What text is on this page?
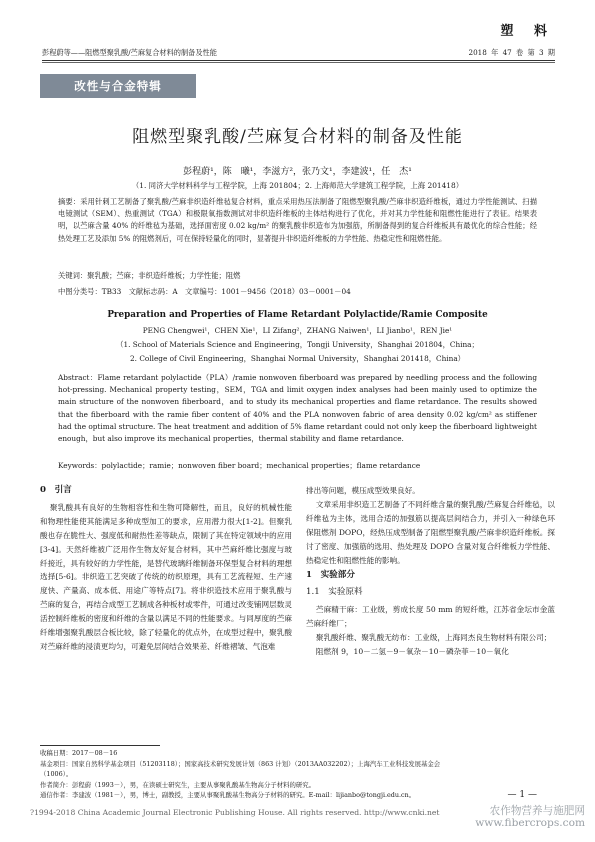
塑 料
彭程蔚等——阻燃型聚乳酸/苎麻复合材料的制备及性能	2018 年 47 卷 第 3 期
改性与合金特辑
阻燃型聚乳酸/苎麻复合材料的制备及性能
彭程蔚¹，陈　曦¹，李滋方²，张乃文¹，李建波¹，任　杰¹
（1. 同济大学材料科学与工程学院，上海 201804；2. 上海师范大学建筑工程学院，上海 201418）
摘要：采用针刺工艺制备了聚乳酸/苎麻非织造纤维毡复合材料，重点采用热压法制备了阻燃型聚乳酸/苎麻非织造纤维板，通过力学性能测试、扫描电镜测试（SEM）、热重测试（TGA）和极限氧指数测试对非织造纤维板的主体结构进行了优化，并对其力学性能和阻燃性能进行了表征。结果表明，以苎麻含量 40% 的纤维毡为基础，选择面密度 0.02 kg/m² 的聚乳酸非织造布为加强筋，所制备得到的复合纤维板具有最优化的综合性能；经热处理工艺及添加 5% 的阻燃剂后，可在保持轻量化的同时，显著提升非织造纤维板的力学性能、热稳定性和阻燃性能。
关键词：聚乳酸；苎麻；非织造纤维板；力学性能；阻燃
中图分类号：TB33　文献标志码：A　文章编号：1001－9456（2018）03－0001－04
Preparation and Properties of Flame Retardant Polylactide/Ramie Composite
PENG Chengwei¹，CHEN Xie¹，LI Zifang²，ZHANG Naiwen¹，LI Jianbo¹，REN Jie¹
（1. School of Materials Science and Engineering，Tongji University，Shanghai 201804，China；
2. College of Civil Engineering，Shanghai Normal University，Shanghai 201418，China）
Abstract：Flame retardant polylactide（PLA）/ramie nonwoven fiberboard was prepared by needling process and the following hot-pressing. Mechanical property testing，SEM，TGA and limit oxygen index analyses had been mainly used to optimize the main structure of the nonwoven fiberboard，and to study its mechanical properties and flame retardance. The results showed that the fiberboard with the ramie fiber content of 40% and the PLA nonwoven fabric of area density 0.02 kg/cm² as stiffener had the optimal structure. The heat treatment and addition of 5% flame retardant could not only keep the fiberboard lightweight enough，but also improve its mechanical properties，thermal stability and flame retardance.
Keywords：polylactide；ramie；nonwoven fiber board；mechanical properties；flame retardance
0　引言

聚乳酸具有良好的生物相容性和生物可降解性，而且，良好的机械性能和物理性能使其能满足多种成型加工的要求，应用潜力很大[1-2]。但聚乳酸也存在脆性大、强度低和耐热性差等缺点，限制了其在特定领域中的应用[3-4]。天然纤维被广泛用作生物友好复合材料，其中苎麻纤维比强度与玻纤接近，具有较好的力学性能，是替代玻璃纤维制备环保型复合材料的理想选择[5-6]。非织造工艺突破了传统的纺织原理，具有工艺流程短、生产速度快、产量高、成本低、用途广等特点[7]。将非织造技术应用于聚乳酸与苎麻的复合，再结合成型工艺制成各种板材或零件，可通过改变铺网层数灵活控制纤维板的密度和纤维的含量以满足不同的性能要求。与同厚度的苎麻纤维增强聚乳酸层合板比较，除了轻量化的优点外，在成型过程中，聚乳酸对苎麻纤维的浸渍更均匀，可避免层间结合效果差、纤维褶皱、气泡难

排出等问题，模压成型效果良好。

文章采用非织造工艺制备了不同纤维含量的聚乳酸/苎麻复合纤维毡，以纤维毡为主体，选用合适的加强筋以提高层间结合力，并引入一种绿色环保阻燃剂 DOPO，经热压成型制备了阻燃型聚乳酸/苎麻非织造纤维板。探讨了密度、加强筋的选用、热处理及 DOPO 含量对复合纤维板力学性能、热稳定性和阻燃性能的影响。

1　实验部分
1.1　实验原料

苎麻精干麻：工业级，剪成长度 50 mm 的短纤维，江苏省金坛市金蓝苎麻纤维厂；

聚乳酸纤维、聚乳酸无纺布：工业级，上海同杰良生物材料有限公司；

阻燃剂 9，10－二氢－9－氧杂－10－磷杂菲－10－氧化

收稿日期：2017－08－16
基金项目：国家自然科学基金项目（51203118）；国家高技术研究发展计划（863 计划）（2013AA032202）；上海汽车工业科技发展基金会（1006）。
作者简介：彭程蔚（1993－），男，在读硕士研究生，主要从事聚乳酸基生物高分子材料的研究。
通信作者：李建波（1981－），男，博士，副教授，主要从事聚乳酸基生物高分子材料的研究。E-mail：lijianbo@tongji.edu.cn。	— 1 —
?1994-2018 China Academic Journal Electronic Publishing House. All rights reserved. http://www.cnki.net	农作物营养与施肥网
www.fibercrops.com
